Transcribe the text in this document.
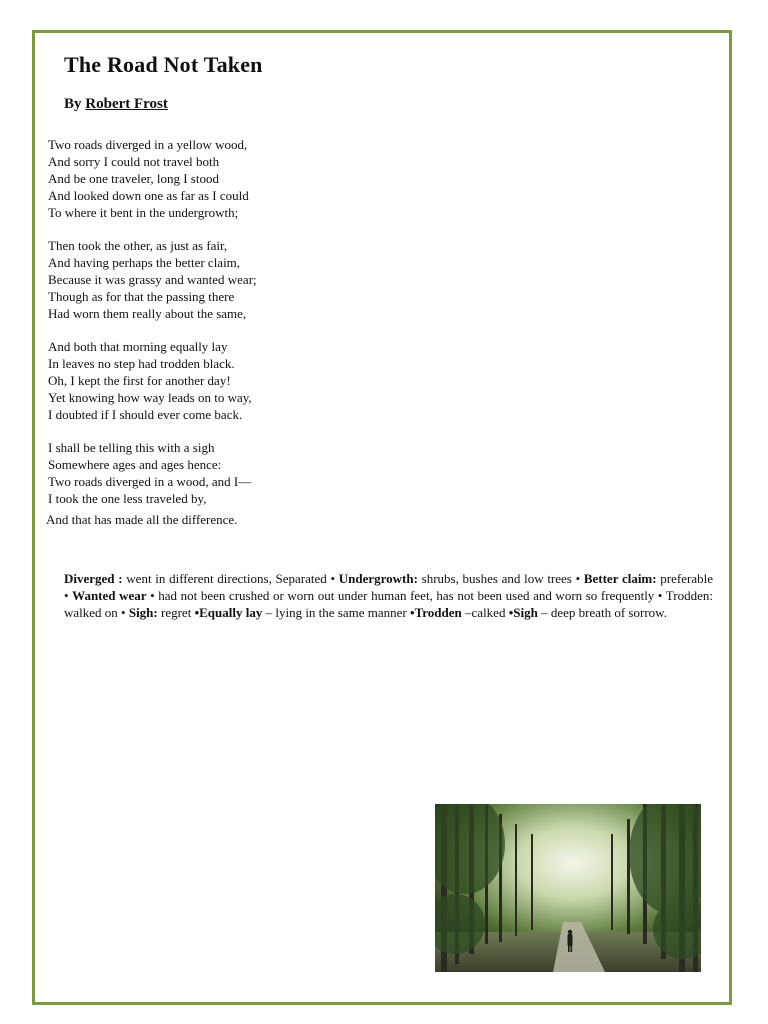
The Road Not Taken
By Robert Frost
Two roads diverged in a yellow wood,
And sorry I could not travel both
And be one traveler, long I stood
And looked down one as far as I could
To where it bent in the undergrowth;
Then took the other, as just as fair,
And having perhaps the better claim,
Because it was grassy and wanted wear;
Though as for that the passing there
Had worn them really about the same,
And both that morning equally lay
In leaves no step had trodden black.
Oh, I kept the first for another day!
Yet knowing how way leads on to way,
I doubted if I should ever come back.
I shall be telling this with a sigh
Somewhere ages and ages hence:
Two roads diverged in a wood, and I—
I took the one less traveled by,
And that has made all the difference.

Diverged : went in different directions, Separated • Undergrowth: shrubs, bushes and low trees • Better claim: preferable • Wanted wear • had not been crushed or worn out under human feet, has not been used and worn so frequently • Trodden: walked on • Sigh: regret •Equally lay – lying in the same manner •Trodden –calked •Sigh – deep breath of sorrow.
